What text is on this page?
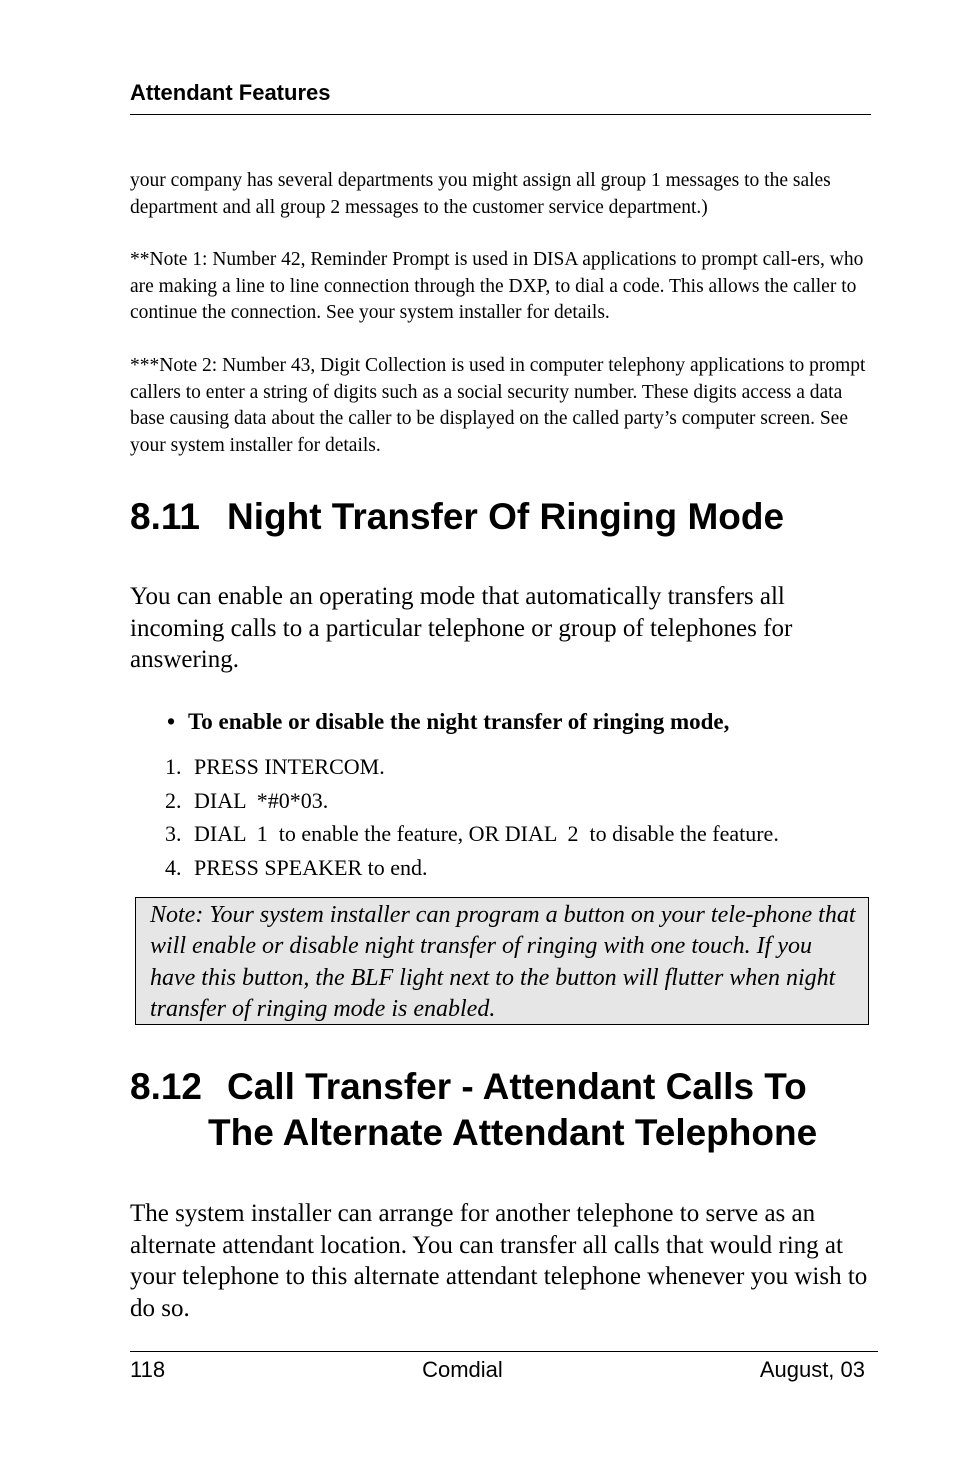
Attendant Features

your company has several departments you might assign all group 1 messages to the sales department and all group 2 messages to the customer service department.)

**Note 1: Number 42, Reminder Prompt is used in DISA applications to prompt call-ers, who are making a line to line connection through the DXP, to dial a code. This allows the caller to continue the connection. See your system installer for details.

***Note 2: Number 43, Digit Collection is used in computer telephony applications to prompt callers to enter a string of digits such as a social security number. These digits access a data base causing data about the caller to be displayed on the called party’s computer screen. See your system installer for details.

8.11 Night Transfer Of Ringing Mode

You can enable an operating mode that automatically transfers all incoming calls to a particular telephone or group of telephones for answering.

• To enable or disable the night transfer of ringing mode,
1. PRESS INTERCOM.
2. DIAL  *#0*03.
3. DIAL  1  to enable the feature, OR DIAL  2  to disable the feature.
4. PRESS SPEAKER to end.
Note: Your system installer can program a button on your tele-phone that will enable or disable night transfer of ringing with one touch. If you have this button, the BLF light next to the button will flutter when night transfer of ringing mode is enabled.
8.12 Call Transfer - Attendant Calls To
The Alternate Attendant Telephone

The system installer can arrange for another telephone to serve as an alternate attendant location. You can transfer all calls that would ring at your telephone to this alternate attendant telephone whenever you wish to do so.

118	Comdial	August, 03
